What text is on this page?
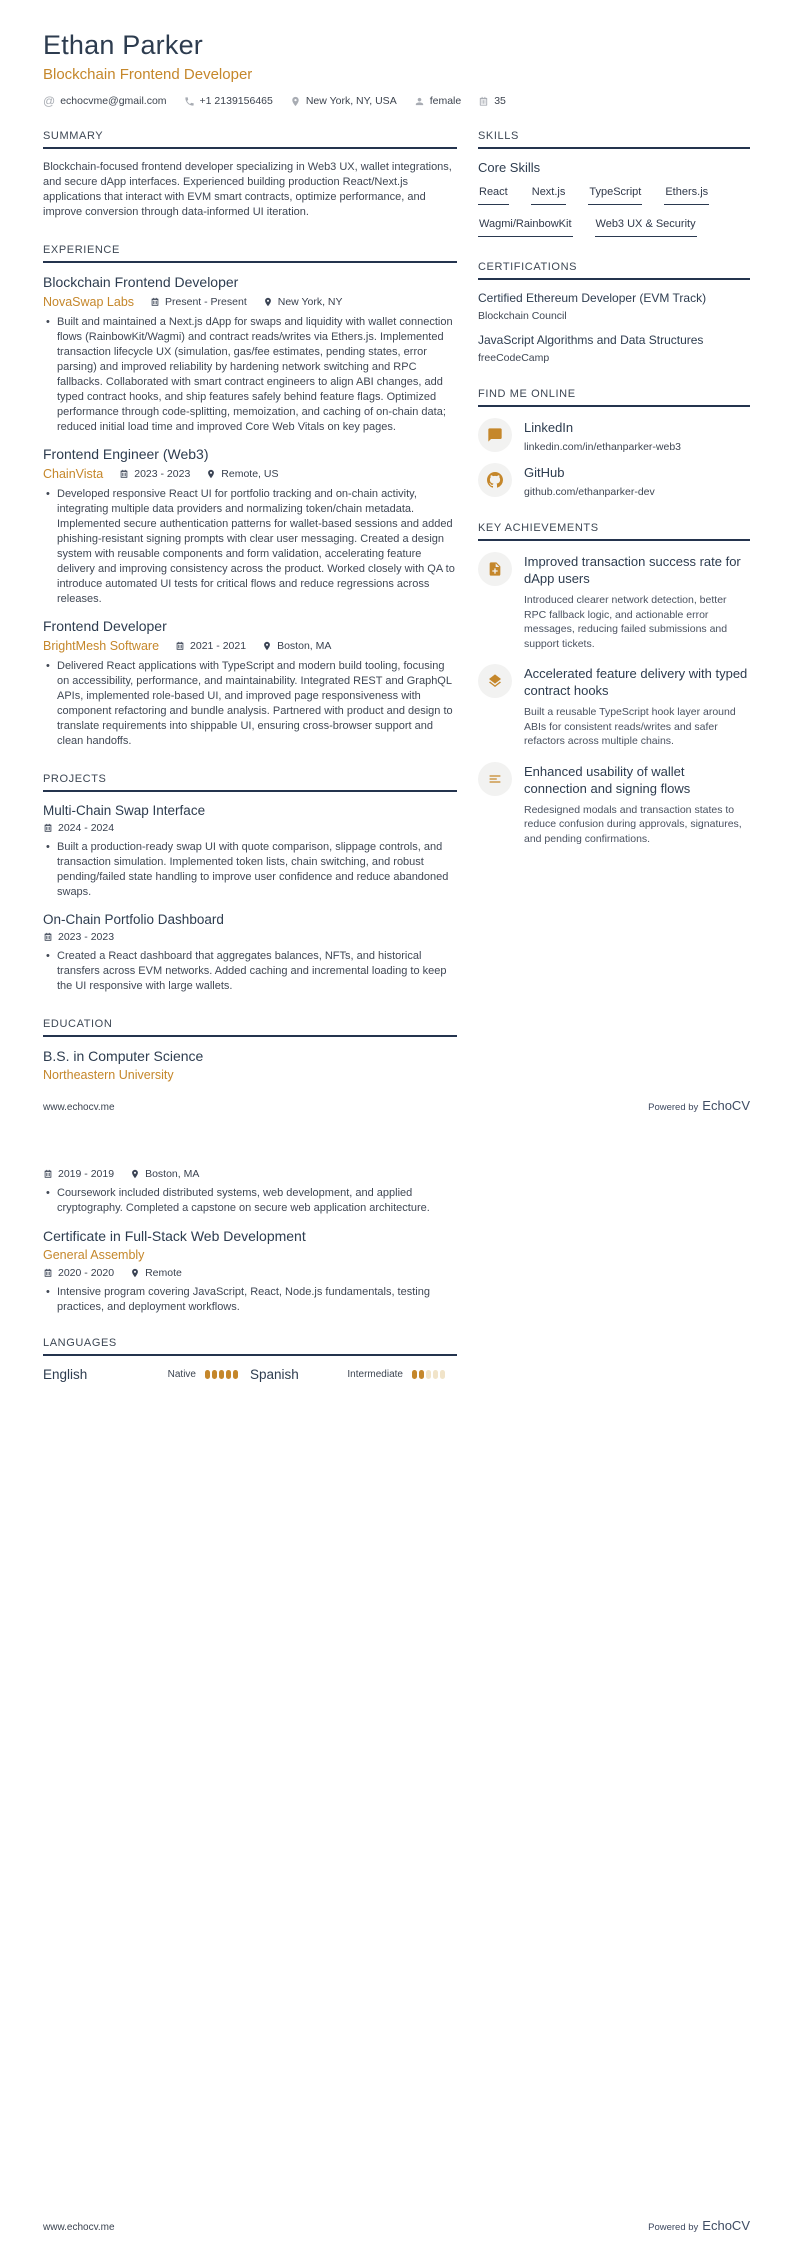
Ethan Parker
Blockchain Frontend Developer
@ echocvme@gmail.com	+1 2139156465	New York, NY, USA	female	35
SUMMARY
Blockchain-focused frontend developer specializing in Web3 UX, wallet integrations, and secure dApp interfaces. Experienced building production React/Next.js applications that interact with EVM smart contracts, optimize performance, and improve conversion through data-informed UI iteration.
EXPERIENCE
Blockchain Frontend Developer
NovaSwap Labs	Present - Present	New York, NY
• Built and maintained a Next.js dApp for swaps and liquidity with wallet connection flows (RainbowKit/Wagmi) and contract reads/writes via Ethers.js. Implemented transaction lifecycle UX (simulation, gas/fee estimates, pending states, error parsing) and improved reliability by hardening network switching and RPC fallbacks. Collaborated with smart contract engineers to align ABI changes, add typed contract hooks, and ship features safely behind feature flags. Optimized performance through code-splitting, memoization, and caching of on-chain data; reduced initial load time and improved Core Web Vitals on key pages.
Frontend Engineer (Web3)
ChainVista	2023 - 2023	Remote, US
• Developed responsive React UI for portfolio tracking and on-chain activity, integrating multiple data providers and normalizing token/chain metadata. Implemented secure authentication patterns for wallet-based sessions and added phishing-resistant signing prompts with clear user messaging. Created a design system with reusable components and form validation, accelerating feature delivery and improving consistency across the product. Worked closely with QA to introduce automated UI tests for critical flows and reduce regressions across releases.
Frontend Developer
BrightMesh Software	2021 - 2021	Boston, MA
• Delivered React applications with TypeScript and modern build tooling, focusing on accessibility, performance, and maintainability. Integrated REST and GraphQL APIs, implemented role-based UI, and improved page responsiveness with component refactoring and bundle analysis. Partnered with product and design to translate requirements into shippable UI, ensuring cross-browser support and clean handoffs.
PROJECTS
Multi-Chain Swap Interface
2024 - 2024
• Built a production-ready swap UI with quote comparison, slippage controls, and transaction simulation. Implemented token lists, chain switching, and robust pending/failed state handling to improve user confidence and reduce abandoned swaps.
On-Chain Portfolio Dashboard
2023 - 2023
• Created a React dashboard that aggregates balances, NFTs, and historical transfers across EVM networks. Added caching and incremental loading to keep the UI responsive with large wallets.
EDUCATION
B.S. in Computer Science
Northeastern University
SKILLS
Core Skills
React Next.js TypeScript Ethers.js
Wagmi/RainbowKit Web3 UX & Security
CERTIFICATIONS
Certified Ethereum Developer (EVM Track)
Blockchain Council
JavaScript Algorithms and Data Structures
freeCodeCamp
FIND ME ONLINE
LinkedIn
linkedin.com/in/ethanparker-web3
GitHub
github.com/ethanparker-dev
KEY ACHIEVEMENTS
Improved transaction success rate for dApp users
Introduced clearer network detection, better RPC fallback logic, and actionable error messages, reducing failed submissions and support tickets.
Accelerated feature delivery with typed contract hooks
Built a reusable TypeScript hook layer around ABIs for consistent reads/writes and safer refactors across multiple chains.
Enhanced usability of wallet connection and signing flows
Redesigned modals and transaction states to reduce confusion during approvals, signatures, and pending confirmations.
www.echocv.me	Powered by EchoCV
2019 - 2019	Boston, MA
• Coursework included distributed systems, web development, and applied cryptography. Completed a capstone on secure web application architecture.
Certificate in Full-Stack Web Development
General Assembly
2020 - 2020	Remote
• Intensive program covering JavaScript, React, Node.js fundamentals, testing practices, and deployment workflows.
LANGUAGES
English	Native	Spanish	Intermediate
www.echocv.me	Powered by EchoCV
